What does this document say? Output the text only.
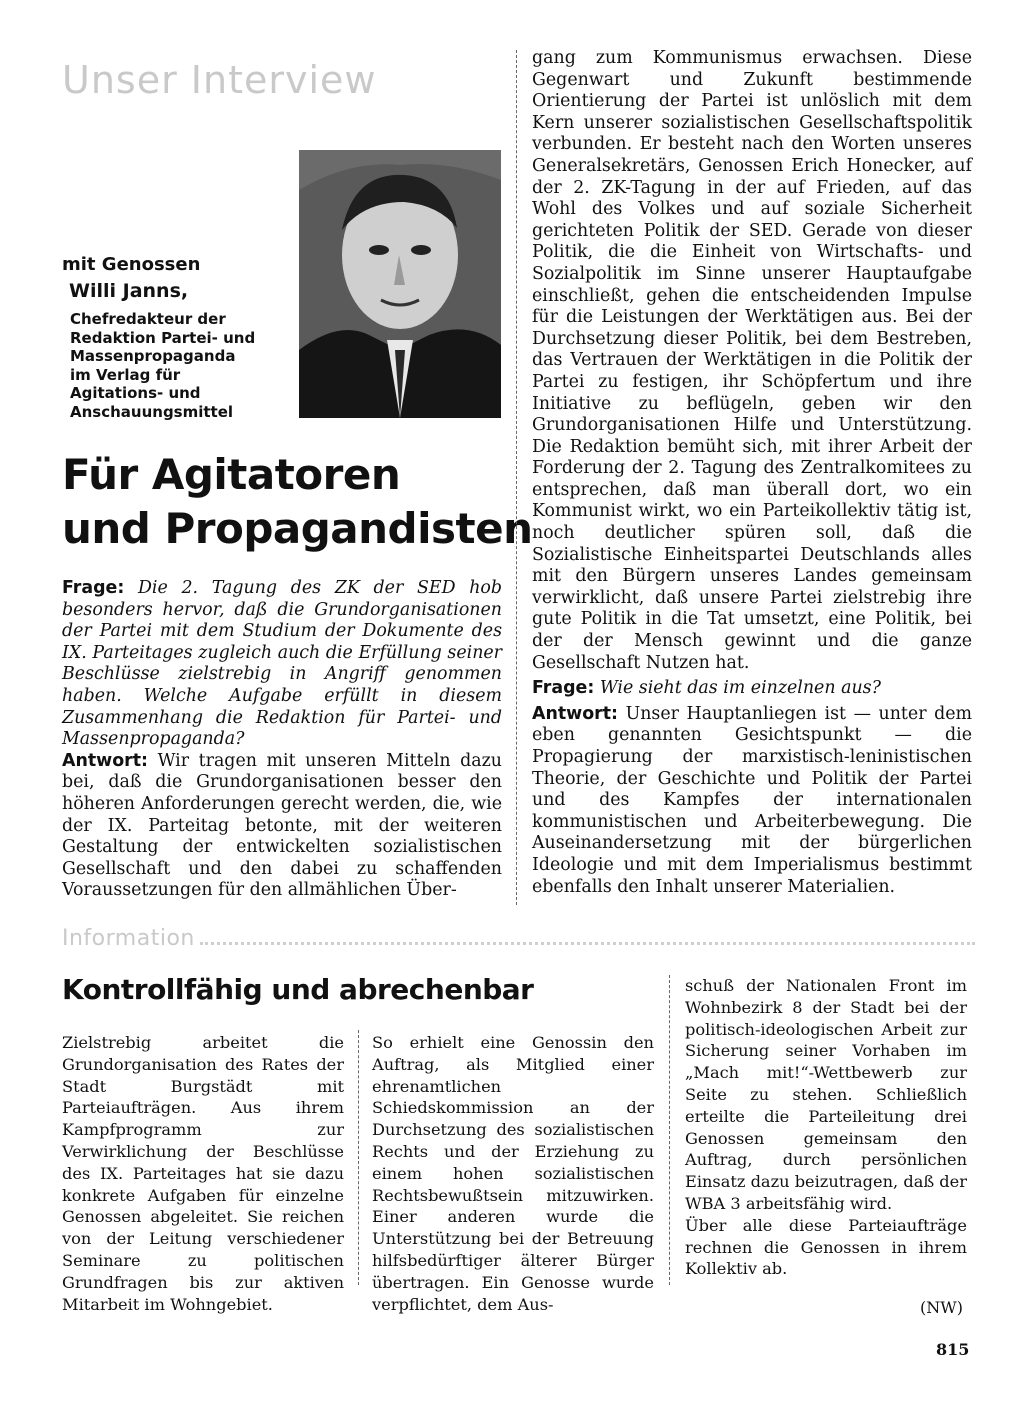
Unser Interview
mit Genossen
Willi Janns,
Chefredakteur der Redaktion Partei- und Massenpropaganda im Verlag für Agitations- und Anschauungsmittel
Für Agitatoren
und Propagandisten

Frage: Die 2. Tagung des ZK der SED hob besonders hervor, daß die Grundorganisationen der Partei mit dem Studium der Dokumente des IX. Parteitages zugleich auch die Erfüllung seiner Beschlüsse zielstrebig in Angriff genommen haben. Welche Aufgabe erfüllt in diesem Zusammenhang die Redaktion für Partei- und Massenpropaganda?

Antwort: Wir tragen mit unseren Mitteln dazu bei, daß die Grundorganisationen besser den höheren Anforderungen gerecht werden, die, wie der IX. Parteitag betonte, mit der weiteren Gestaltung der entwickelten sozialistischen Gesellschaft und den dabei zu schaffenden Voraussetzungen für den allmählichen Über-

gang zum Kommunismus erwachsen. Diese Gegenwart und Zukunft bestimmende Orientierung der Partei ist unlöslich mit dem Kern unserer sozialistischen Gesellschaftspolitik verbunden. Er besteht nach den Worten unseres Generalsekretärs, Genossen Erich Honecker, auf der 2. ZK-Tagung in der auf Frieden, auf das Wohl des Volkes und auf soziale Sicherheit gerichteten Politik der SED. Gerade von dieser Politik, die die Einheit von Wirtschafts- und Sozialpolitik im Sinne unserer Hauptaufgabe einschließt, gehen die entscheidenden Impulse für die Leistungen der Werktätigen aus. Bei der Durchsetzung dieser Politik, bei dem Bestreben, das Vertrauen der Werktätigen in die Politik der Partei zu festigen, ihr Schöpfertum und ihre Initiative zu beflügeln, geben wir den Grundorganisationen Hilfe und Unterstützung. Die Redaktion bemüht sich, mit ihrer Arbeit der Forderung der 2. Tagung des Zentralkomitees zu entsprechen, daß man überall dort, wo ein Kommunist wirkt, wo ein Parteikollektiv tätig ist, noch deutlicher spüren soll, daß die Sozialistische Einheitspartei Deutschlands alles mit den Bürgern unseres Landes gemeinsam verwirklicht, daß unsere Partei zielstrebig ihre gute Politik in die Tat umsetzt, eine Politik, bei der der Mensch gewinnt und die ganze Gesellschaft Nutzen hat.

Frage: Wie sieht das im einzelnen aus?

Antwort: Unser Hauptanliegen ist — unter dem eben genannten Gesichtspunkt — die Propagierung der marxistisch-leninistischen Theorie, der Geschichte und Politik der Partei und des Kampfes der internationalen kommunistischen und Arbeiterbewegung. Die Auseinandersetzung mit der bürgerlichen Ideologie und mit dem Imperialismus bestimmt ebenfalls den Inhalt unserer Materialien.

Information
Kontrollfähig und abrechenbar
Zielstrebig arbeitet die Grundorganisation des Rates der Stadt Burgstädt mit Parteiaufträgen. Aus ihrem Kampfprogramm zur Verwirklichung der Beschlüsse des IX. Parteitages hat sie dazu konkrete Aufgaben für einzelne Genossen abgeleitet. Sie reichen von der Leitung verschiedener Seminare zu politischen Grundfragen bis zur aktiven Mitarbeit im Wohngebiet.
So erhielt eine Genossin den Auftrag, als Mitglied einer ehrenamtlichen Schiedskommission an der Durchsetzung des sozialistischen Rechts und der Erziehung zu einem hohen sozialistischen Rechtsbewußtsein mitzuwirken. Einer anderen wurde die Unterstützung bei der Betreuung hilfsbedürftiger älterer Bürger übertragen. Ein Genosse wurde verpflichtet, dem Aus-

schuß der Nationalen Front im Wohnbezirk 8 der Stadt bei der politisch-ideologischen Arbeit zur Sicherung seiner Vorhaben im „Mach mit!“-Wettbewerb zur Seite zu stehen. Schließlich erteilte die Parteileitung drei Genossen gemeinsam den Auftrag, durch persönlichen Einsatz dazu beizutragen, daß der WBA 3 arbeitsfähig wird.

Über alle diese Parteiaufträge rechnen die Genossen in ihrem Kollektiv ab.

(NW)
815
